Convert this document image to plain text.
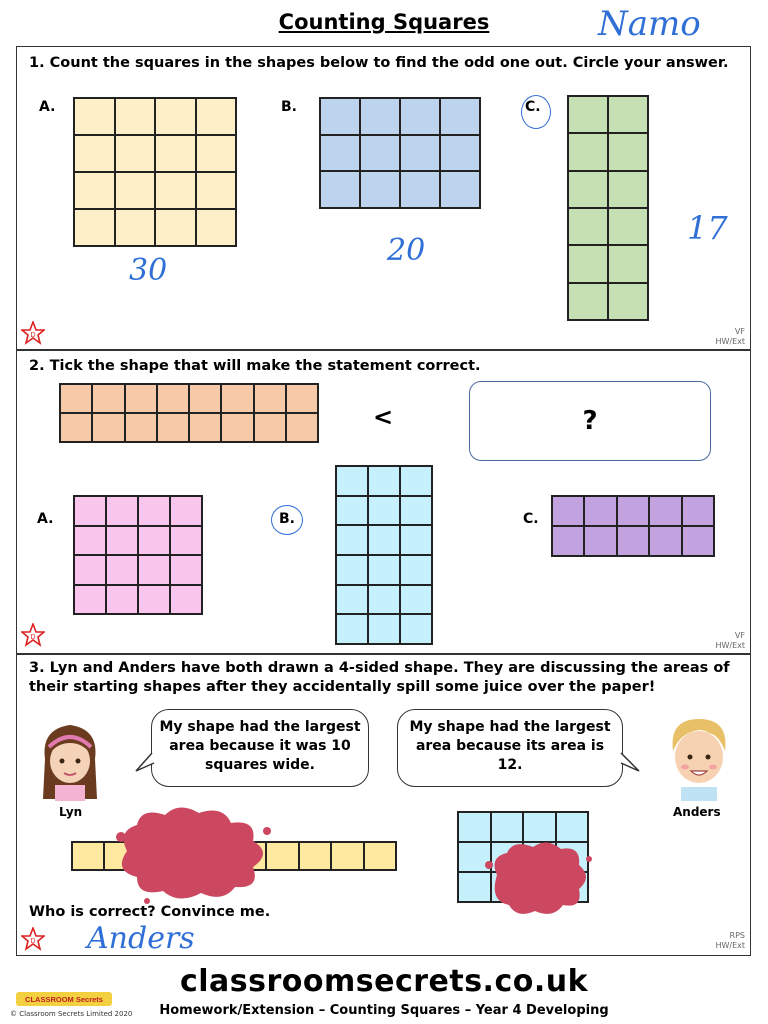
Counting Squares	Namo
1. Count the squares in the shapes below to find the odd one out. Circle your answer.
A.
30
B.
20
C.
17
D	VF
HW/Ext
2. Tick the shape that will make the statement correct.
<	?
A.	B.	C.
D	VF
HW/Ext
3. Lyn and Anders have both drawn a 4-sided shape. They are discussing the areas of
their starting shapes after they accidentally spill some juice over the paper!
Lyn
My shape had the largest area because it was 10 squares wide.
My shape had the largest area because its area is 12.
Anders
Who is correct? Convince me.
Anders
D
RPS
HW/Ext
classroomsecrets.co.uk
CLASSROOM Secrets
© Classroom Secrets Limited 2020	Homework/Extension – Counting Squares – Year 4 Developing
